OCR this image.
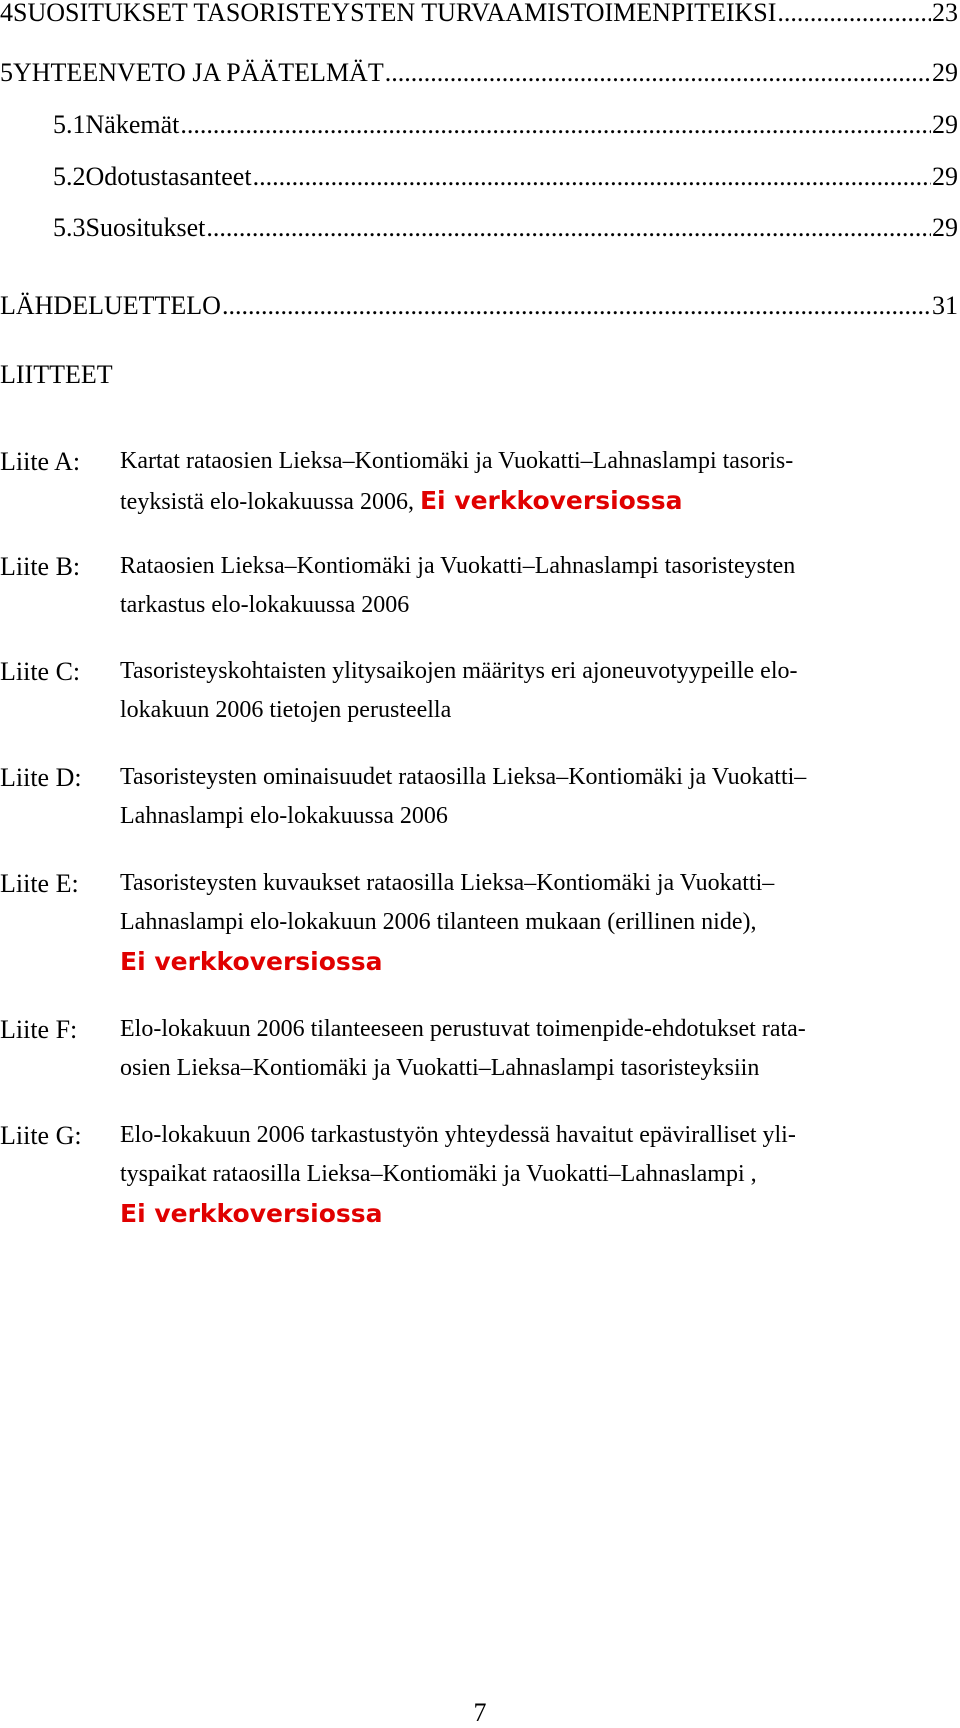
4 SUOSITUKSET TASORISTEYSTEN TURVAAMISTOIMENPITEIKSI .....	23
5 YHTEENVETO JA PÄÄTELMÄT .....	29
5.1 Näkemät .....	29
5.2 Odotustasanteet .....	29
5.3 Suositukset .....	29
LÄHDELUETTELO .....	31
LIITTEET
Liite A: Kartat rataosien Lieksa–Kontiomäki ja Vuokatti–Lahnaslampi tasoris-
teyksistä elo-lokakuussa 2006, Ei verkkoversiossa
Liite B: Rataosien Lieksa–Kontiomäki ja Vuokatti–Lahnaslampi tasoristeysten
tarkastus elo-lokakuussa 2006
Liite C: Tasoristeyskohtaisten ylitysaikojen määritys eri ajoneuvotyypeille elo-
lokakuun 2006 tietojen perusteella
Liite D: Tasoristeysten ominaisuudet rataosilla Lieksa–Kontiomäki ja Vuokatti–
Lahnaslampi elo-lokakuussa 2006
Liite E: Tasoristeysten kuvaukset rataosilla Lieksa–Kontiomäki ja Vuokatti–
Lahnaslampi elo-lokakuun 2006 tilanteen mukaan (erillinen nide),
Ei verkkoversiossa
Liite F: Elo-lokakuun 2006 tilanteeseen perustuvat toimenpide-ehdotukset rata-
osien Lieksa–Kontiomäki ja Vuokatti–Lahnaslampi tasoristeyksiin
Liite G: Elo-lokakuun 2006 tarkastustyön yhteydessä havaitut epäviralliset yli-
tyspaikat rataosilla Lieksa–Kontiomäki ja Vuokatti–Lahnaslampi ,
Ei verkkoversiossa
7
